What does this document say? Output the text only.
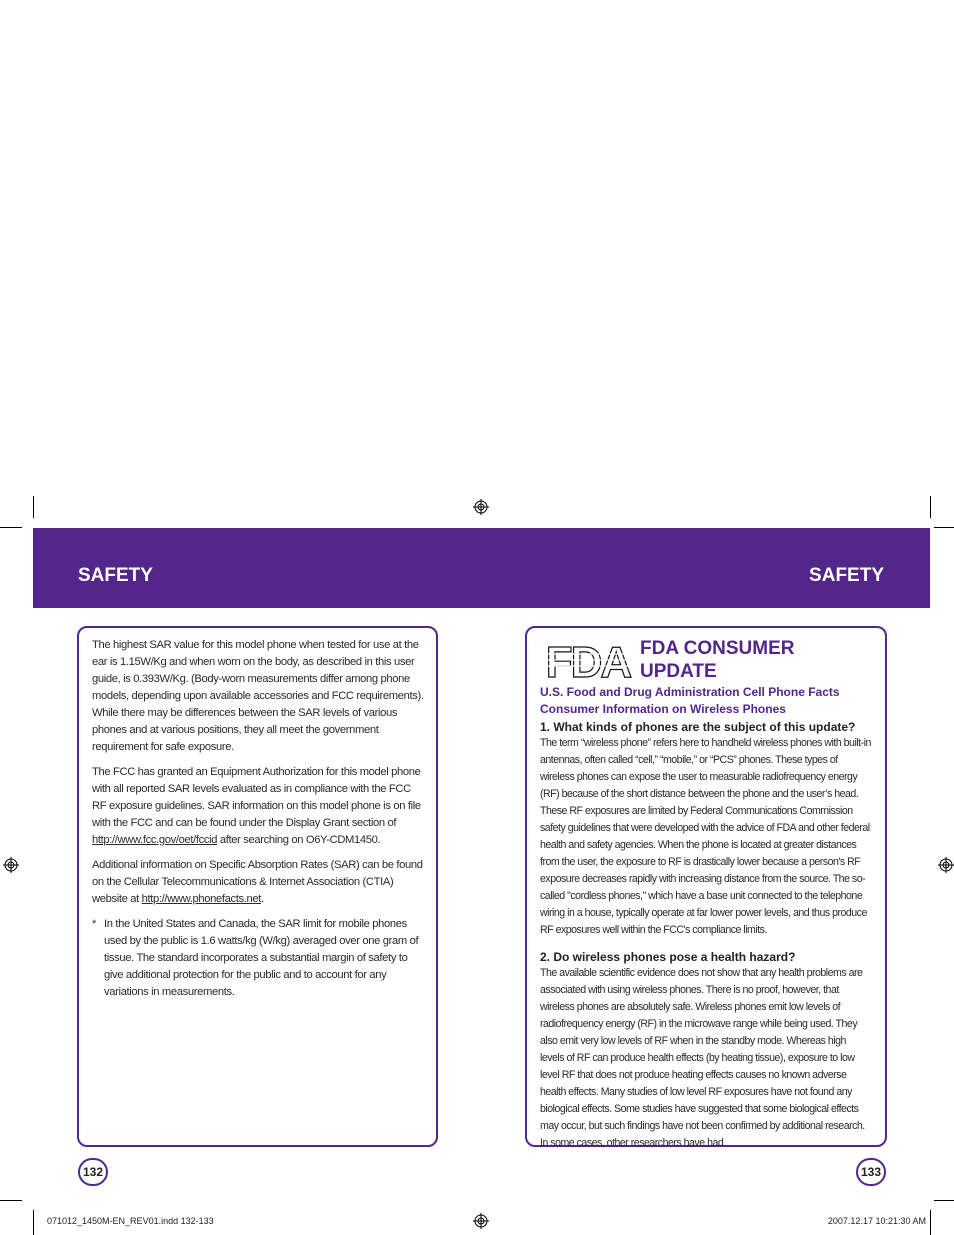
SAFETY	SAFETY

The highest SAR value for this model phone when tested for use at the ear is 1.15W/Kg and when worn on the body, as described in this user guide, is 0.393W/Kg. (Body-worn measurements differ among phone models, depending upon available accessories and FCC requirements). While there may be differences between the SAR levels of various phones and at various positions, they all meet the government requirement for safe exposure.

The FCC has granted an Equipment Authorization for this model phone with all reported SAR levels evaluated as in compliance with the FCC RF exposure guidelines. SAR information on this model phone is on file with the FCC and can be found under the Display Grant section of http://www.fcc.gov/oet/fccid after searching on O6Y-CDM1450.

Additional information on Specific Absorption Rates (SAR) can be found on the Cellular Telecommunications & Internet Association (CTIA) website at http://www.phonefacts.net.

* In the United States and Canada, the SAR limit for mobile phones used by the public is 1.6 watts/kg (W/kg) averaged over one gram of tissue. The standard incorporates a substantial margin of safety to give additional protection for the public and to account for any variations in measurements.
FDA FDA CONSUMER
UPDATE
U.S. Food and Drug Administration Cell Phone Facts
Consumer Information on Wireless Phones
1. What kinds of phones are the subject of this update?
The term “wireless phone” refers here to handheld wireless phones with built-in antennas, often called “cell,” “mobile,” or “PCS” phones. These types of wireless phones can expose the user to measurable radiofrequency energy (RF) because of the short distance between the phone and the user’s head. These RF exposures are limited by Federal Communications Commission safety guidelines that were developed with the advice of FDA and other federal health and safety agencies. When the phone is located at greater distances from the user, the exposure to RF is drastically lower because a person's RF exposure decreases rapidly with increasing distance from the source. The so-called "cordless phones," which have a base unit connected to the telephone wiring in a house, typically operate at far lower power levels, and thus produce RF exposures well within the FCC's compliance limits.
2. Do wireless phones pose a health hazard?
The available scientific evidence does not show that any health problems are associated with using wireless phones. There is no proof, however, that wireless phones are absolutely safe. Wireless phones emit low levels of radiofrequency energy (RF) in the microwave range while being used. They also emit very low levels of RF when in the standby mode. Whereas high levels of RF can produce health effects (by heating tissue), exposure to low level RF that does not produce heating effects causes no known adverse health effects. Many studies of low level RF exposures have not found any biological effects. Some studies have suggested that some biological effects may occur, but such findings have not been confirmed by additional research. In some cases, other researchers have had
132	133
071012_1450M-EN_REV01.indd 132-133	2007.12.17 10:21:30 AM
